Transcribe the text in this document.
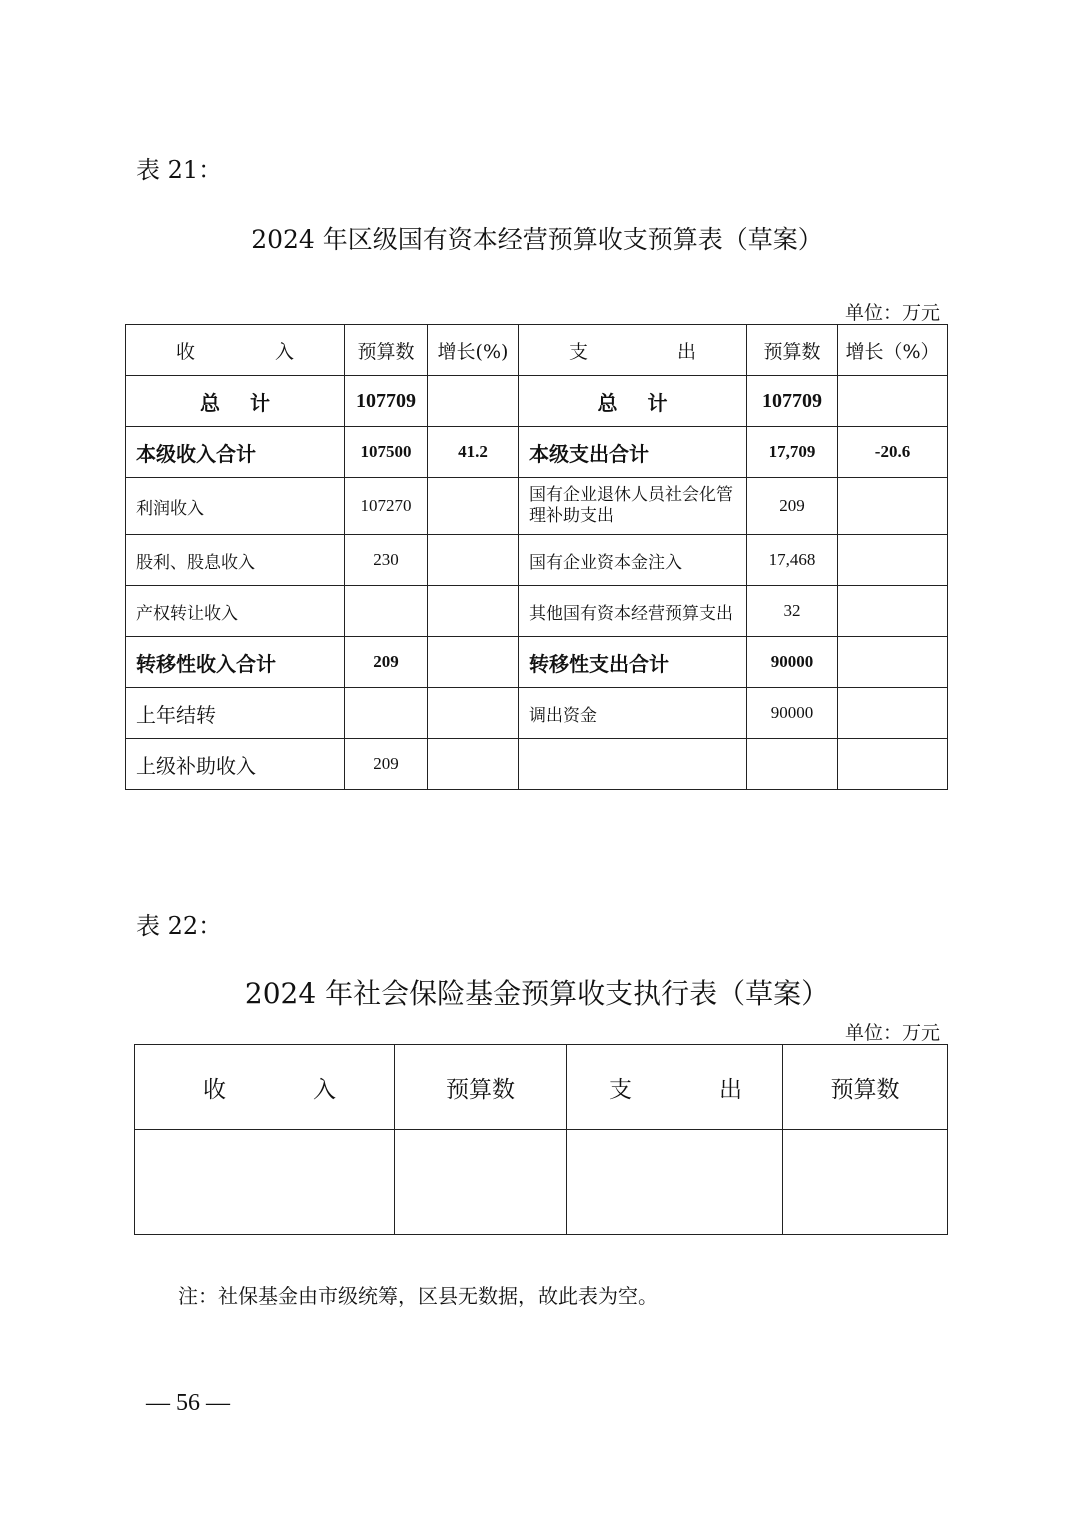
表 21：
2024 年区级国有资本经营预算收支预算表（草案）
单位：万元
收 入	预算数	增长(%)	支 出	预算数	增长（%）

总 计	107709		总 计	107709	
本级收入合计	107500	41.2	本级支出合计	17,709	-20.6
利润收入	107270		国有企业退休人员社会化管理补助支出	209	
股利、股息收入	230		国有企业资本金注入	17,468	
产权转让收入			其他国有资本经营预算支出	32	
转移性收入合计	209		转移性支出合计	90000	
上年结转			调出资金	90000	
上级补助收入	209				
表 22：
2024 年社会保险基金预算收支执行表（草案）
单位：万元
收 入	预算数	支 出	预算数

注：社保基金由市级统筹，区县无数据，故此表为空。
— 56 —
